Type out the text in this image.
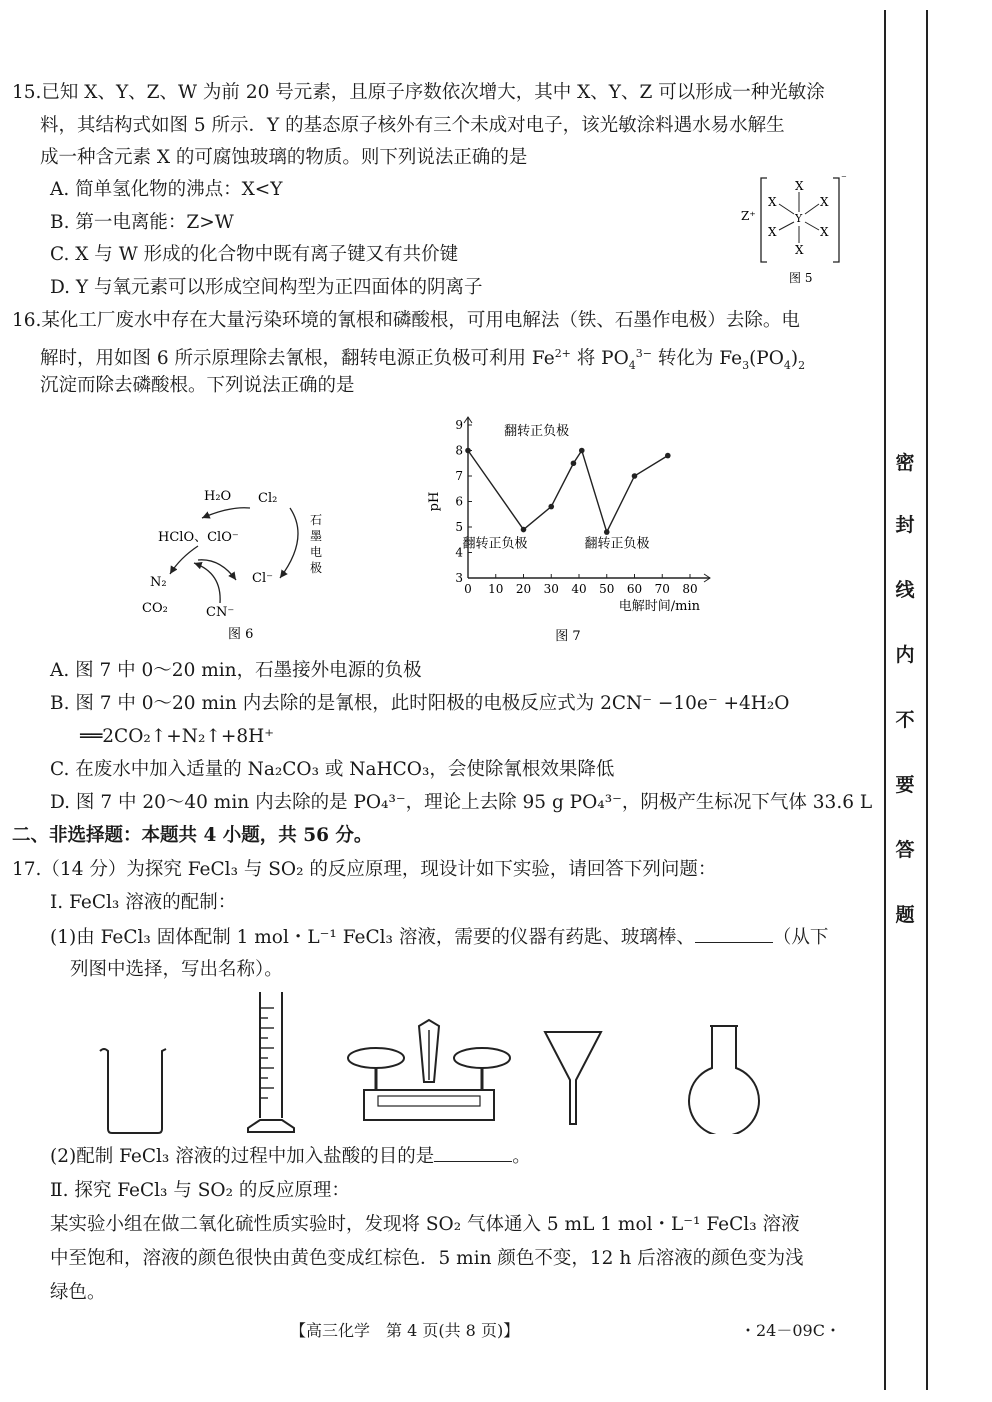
15.已知 X、Y、Z、W 为前 20 号元素，且原子序数依次增大，其中 X、Y、Z 可以形成一种光敏涂
料，其结构式如图 5 所示．Y 的基态原子核外有三个未成对电子，该光敏涂料遇水易水解生
成一种含元素 X 的可腐蚀玻璃的物质。则下列说法正确的是
A. 简单氢化物的沸点：X<Y
B. 第一电离能：Z>W
C. X 与 W 形成的化合物中既有离子键又有共价键
D. Y 与氧元素可以形成空间构型为正四面体的阴离子
Z⁺
⁻
X
X	X
X	X
X
Y
图 5
16.某化工厂废水中存在大量污染环境的氰根和磷酸根，可用电解法（铁、石墨作电极）去除。电
解时，用如图 6 所示原理除去氰根，翻转电源正负极可利用 $Fe^{2+}$ 将 $PO_4^{3-}$ 转化为 $Fe_3(PO_4)_2$
沉淀而除去磷酸根。下列说法正确的是
H₂O Cl₂
HClO、ClO⁻
N₂	Cl⁻
CO₂	CN⁻
石
墨
电
极
图 6
0 10 20 30 40 50 60 70 80
3
4
5
6
7
8
9
pH
电解时间/min
翻转正负极
翻转正负极	翻转正负极
图 7
A. 图 7 中 0～20 min，石墨接外电源的负极
B. 图 7 中 0～20 min 内去除的是氰根，此时阳极的电极反应式为 2CN⁻ −10e⁻ +4H₂O
══2CO₂↑+N₂↑+8H⁺
C. 在废水中加入适量的 Na₂CO₃ 或 NaHCO₃，会使除氰根效果降低
D. 图 7 中 20～40 min 内去除的是 PO₄³⁻，理论上去除 95 g PO₄³⁻，阴极产生标况下气体 33.6 L
二、非选择题：本题共 4 小题，共 56 分。
17.（14 分）为探究 FeCl₃ 与 SO₂ 的反应原理，现设计如下实验，请回答下列问题：
Ⅰ. FeCl₃ 溶液的配制：
(1)由 FeCl₃ 固体配制 1 mol・L⁻¹ FeCl₃ 溶液，需要的仪器有药匙、玻璃棒、	（从下
列图中选择，写出名称）。
(2)配制 FeCl₃ 溶液的过程中加入盐酸的目的是	。
Ⅱ. 探究 FeCl₃ 与 SO₂ 的反应原理：
某实验小组在做二氧化硫性质实验时，发现将 SO₂ 气体通入 5 mL 1 mol・L⁻¹ FeCl₃ 溶液
中至饱和，溶液的颜色很快由黄色变成红棕色．5 min 颜色不变，12 h 后溶液的颜色变为浅
绿色。
【高三化学　第 4 页(共 8 页)】	・24－09C・
密
封
线
内
不
要
答
题
